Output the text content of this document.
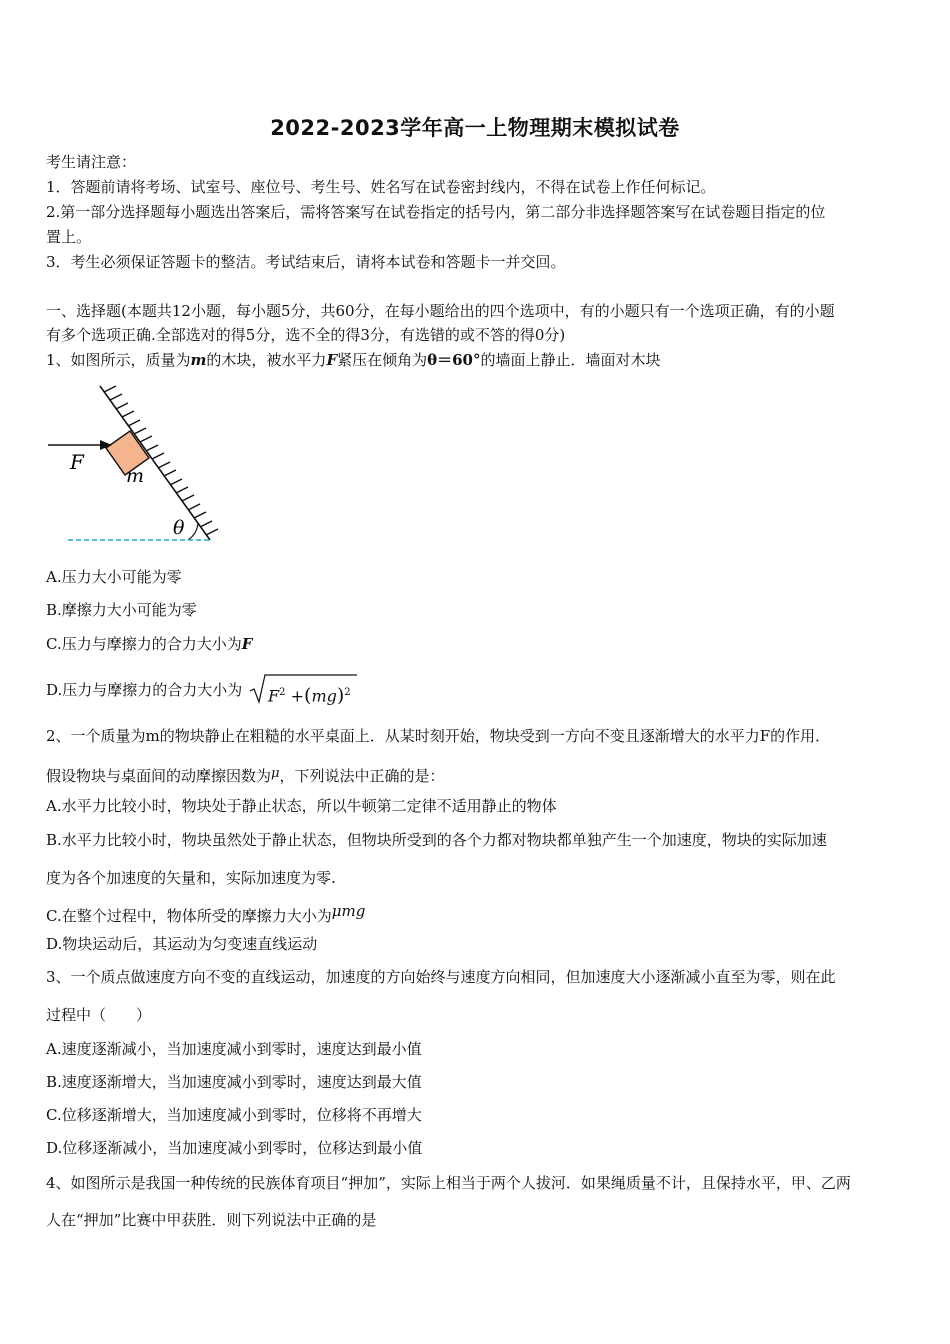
2022-2023学年高一上物理期末模拟试卷
考生请注意：
1．答题前请将考场、试室号、座位号、考生号、姓名写在试卷密封线内，不得在试卷上作任何标记。
2.第一部分选择题每小题选出答案后，需将答案写在试卷指定的括号内，第二部分非选择题答案写在试卷题目指定的位
置上。
3．考生必须保证答题卡的整洁。考试结束后，请将本试卷和答题卡一并交回。
一、选择题(本题共12小题，每小题5分，共60分，在每小题给出的四个选项中，有的小题只有一个选项正确，有的小题
有多个选项正确.全部选对的得5分，选不全的得3分，有选错的或不答的得0分)
1、如图所示，质量为m的木块，被水平力F紧压在倾角为θ＝60°的墙面上静止．墙面对木块
F
m
θ
A.压力大小可能为零
B.摩擦力大小可能为零
C.压力与摩擦力的合力大小为F
D.压力与摩擦力的合力大小为 $F^2 +(mg)^2$
2、一个质量为m的物块静止在粗糙的水平桌面上．从某时刻开始，物块受到一方向不变且逐渐增大的水平力F的作用．
假设物块与桌面间的动摩擦因数为μ，下列说法中正确的是：
A.水平力比较小时，物块处于静止状态，所以牛顿第二定律不适用静止的物体
B.水平力比较小时，物块虽然处于静止状态，但物块所受到的各个力都对物块都单独产生一个加速度，物块的实际加速
度为各个加速度的矢量和，实际加速度为零.
C.在整个过程中，物体所受的摩擦力大小为μmg
D.物块运动后，其运动为匀变速直线运动
3、一个质点做速度方向不变的直线运动，加速度的方向始终与速度方向相同，但加速度大小逐渐减小直至为零，则在此
过程中（　　）
A.速度逐渐减小，当加速度减小到零时，速度达到最小值
B.速度逐渐增大，当加速度减小到零时，速度达到最大值
C.位移逐渐增大，当加速度减小到零时，位移将不再增大
D.位移逐渐减小，当加速度减小到零时，位移达到最小值
4、如图所示是我国一种传统的民族体育项目“押加”，实际上相当于两个人拔河．如果绳质量不计，且保持水平，甲、乙两
人在“押加”比赛中甲获胜．则下列说法中正确的是
